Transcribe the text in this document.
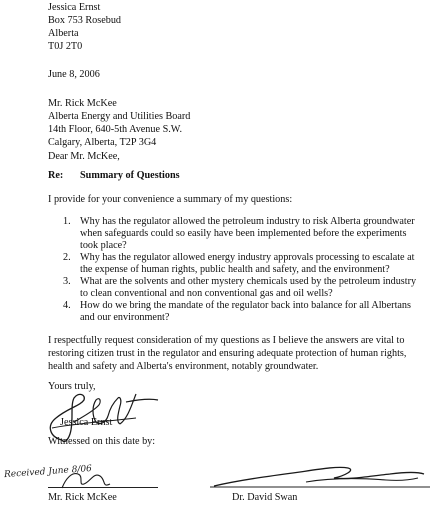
Jessica Ernst
Box 753 Rosebud
Alberta
T0J 2T0
June 8, 2006
Mr. Rick McKee
Alberta Energy and Utilities Board
14th Floor, 640-5th Avenue S.W.
Calgary, Alberta, T2P 3G4
Dear Mr. McKee,
Re: Summary of Questions
I provide for your convenience a summary of my questions:
1. Why has the regulator allowed the petroleum industry to risk Alberta groundwater
when safeguards could so easily have been implemented before the experiments
took place?
2. Why has the regulator allowed energy industry approvals processing to escalate at
the expense of human rights, public health and safety, and the environment?
3. What are the solvents and other mystery chemicals used by the petroleum industry
to clean conventional and non conventional gas and oil wells?
4. How do we bring the mandate of the regulator back into balance for all Albertans
and our environment?
I respectfully request consideration of my questions as I believe the answers are vital to
restoring citizen trust in the regulator and ensuring adequate protection of human rights,
health and safety and Alberta's environment, notably groundwater.
Yours truly,
Jessica Ernst
Witnessed on this date by:
Received June 8/06
Mr. Rick McKee	Dr. David Swan
